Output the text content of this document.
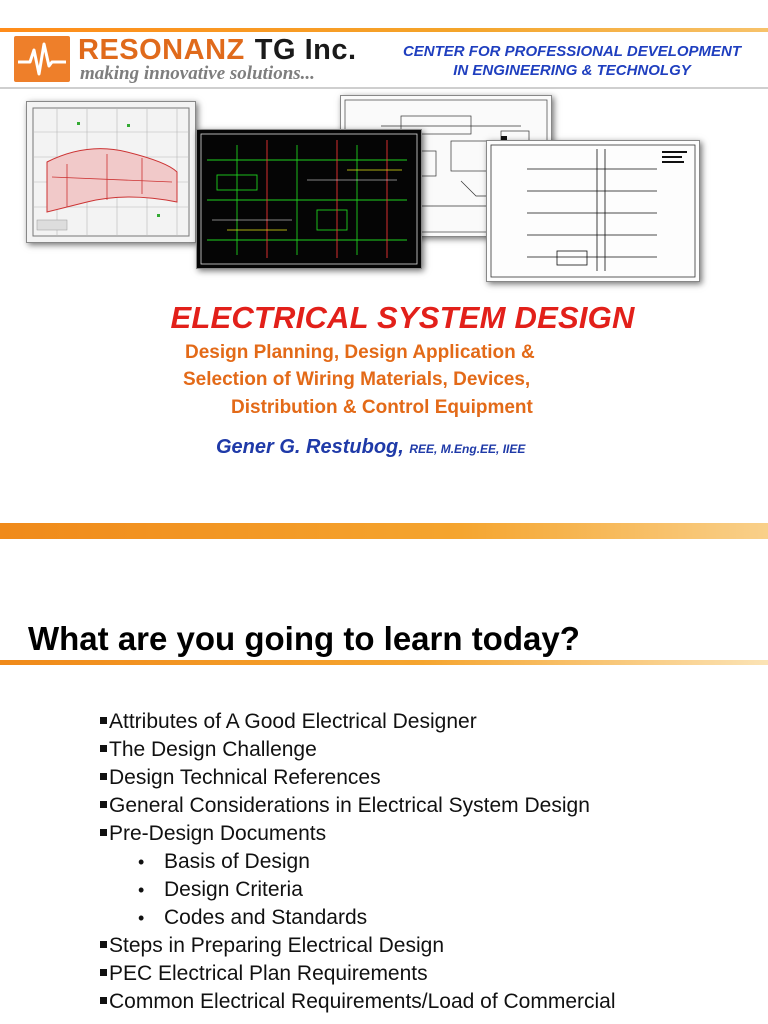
RESONANZ TG Inc.
making innovative solutions...
CENTER FOR PROFESSIONAL DEVELOPMENT
IN ENGINEERING & TECHNOLGY
ELECTRICAL SYSTEM DESIGN
Design Planning, Design Application &
Selection of Wiring Materials, Devices,
Distribution & Control Equipment
Gener G. Restubog, REE, M.Eng.EE, IIEE
What are you going to learn today?
Attributes of A Good Electrical Designer
The Design Challenge
Design Technical References
General Considerations in Electrical System Design
Pre-Design Documents
• Basis of Design
• Design Criteria
• Codes and Standards
Steps in Preparing Electrical Design
PEC Electrical Plan Requirements
Common Electrical Requirements/Load of Commercial
